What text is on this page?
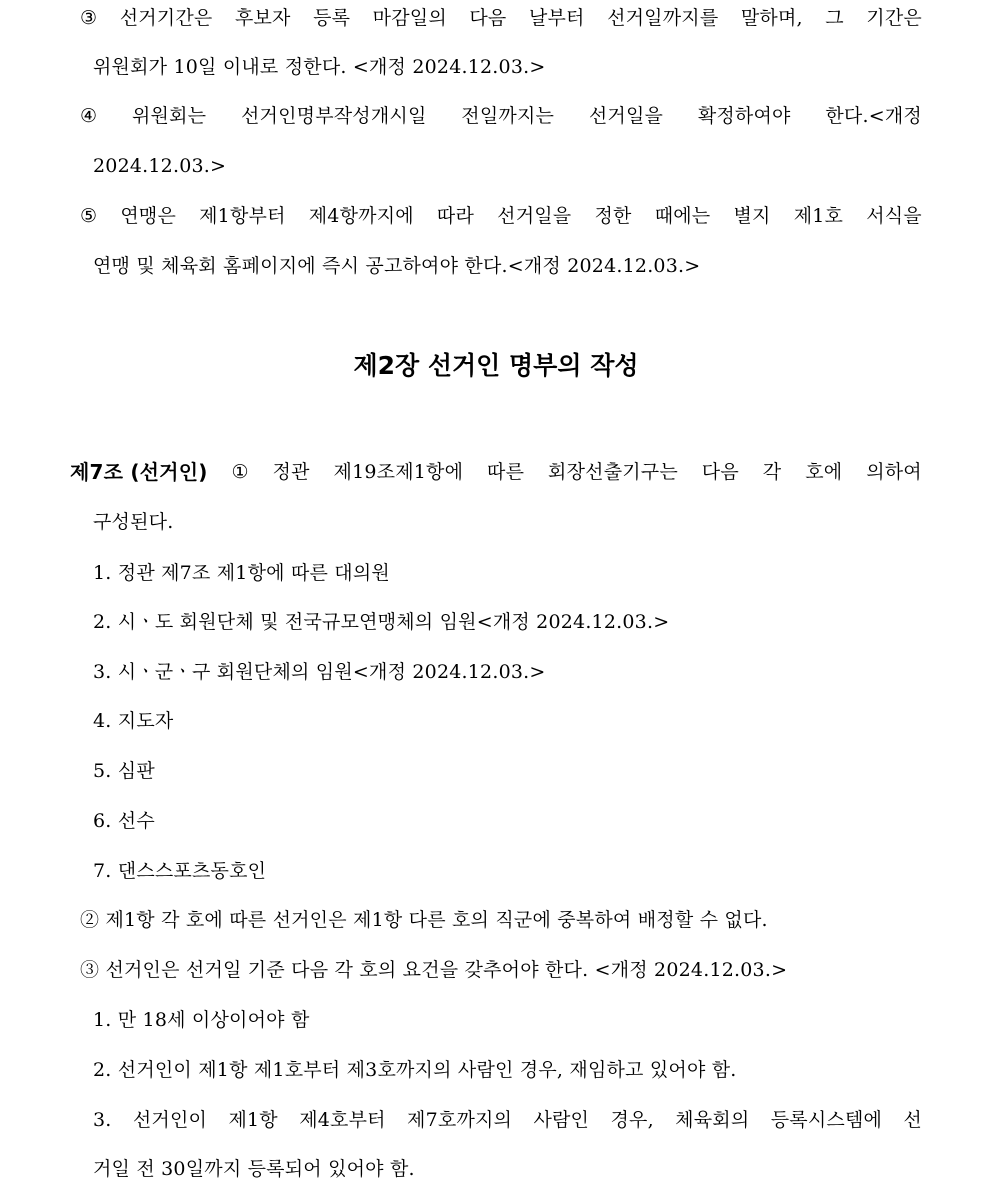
③ 선거기간은 후보자 등록 마감일의 다음 날부터 선거일까지를 말하며, 그 기간은
위원회가 10일 이내로 정한다. <개정 2024.12.03.>
④ 위원회는 선거인명부작성개시일 전일까지는 선거일을 확정하여야 한다.<개정
2024.12.03.>
⑤ 연맹은 제1항부터 제4항까지에 따라 선거일을 정한 때에는 별지 제1호 서식을
연맹 및 체육회 홈페이지에 즉시 공고하여야 한다.<개정 2024.12.03.>
제2장 선거인 명부의 작성
제7조 (선거인) ① 정관 제19조제1항에 따른 회장선출기구는 다음 각 호에 의하여
구성된다.
1. 정관 제7조 제1항에 따른 대의원
2. 시ㆍ도 회원단체 및 전국규모연맹체의 임원<개정 2024.12.03.>
3. 시ㆍ군ㆍ구 회원단체의 임원<개정 2024.12.03.>
4. 지도자
5. 심판
6. 선수
7. 댄스스포츠동호인
② 제1항 각 호에 따른 선거인은 제1항 다른 호의 직군에 중복하여 배정할 수 없다.
③ 선거인은 선거일 기준 다음 각 호의 요건을 갖추어야 한다. <개정 2024.12.03.>
1. 만 18세 이상이어야 함
2. 선거인이 제1항 제1호부터 제3호까지의 사람인 경우, 재임하고 있어야 함.
3. 선거인이 제1항 제4호부터 제7호까지의 사람인 경우, 체육회의 등록시스템에 선
거일 전 30일까지 등록되어 있어야 함.
